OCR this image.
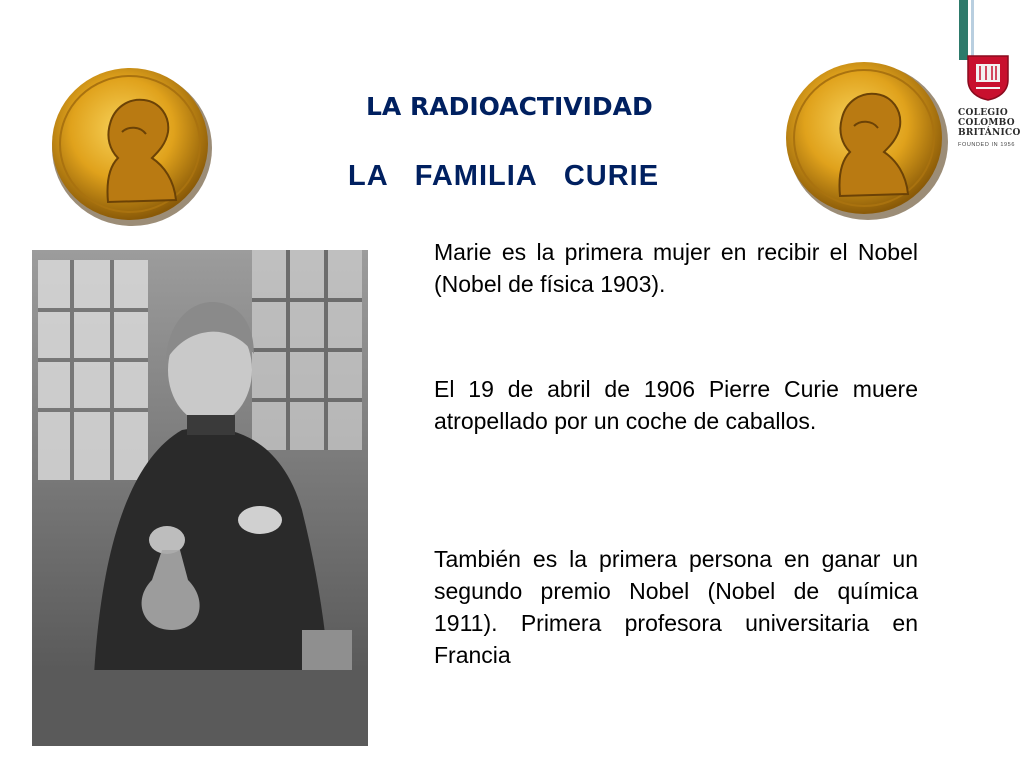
LA RADIOACTIVIDAD
LA   FAMILIA   CURIE
COLEGIO
COLOMBO
BRITÁNICO
FOUNDED IN 1956
Marie es la primera mujer en recibir el Nobel (Nobel de física 1903).
El 19 de abril de 1906 Pierre Curie muere atropellado por un coche de caballos.
También es la primera persona en ganar un segundo premio Nobel (Nobel de química 1911). Primera profesora universitaria en Francia
